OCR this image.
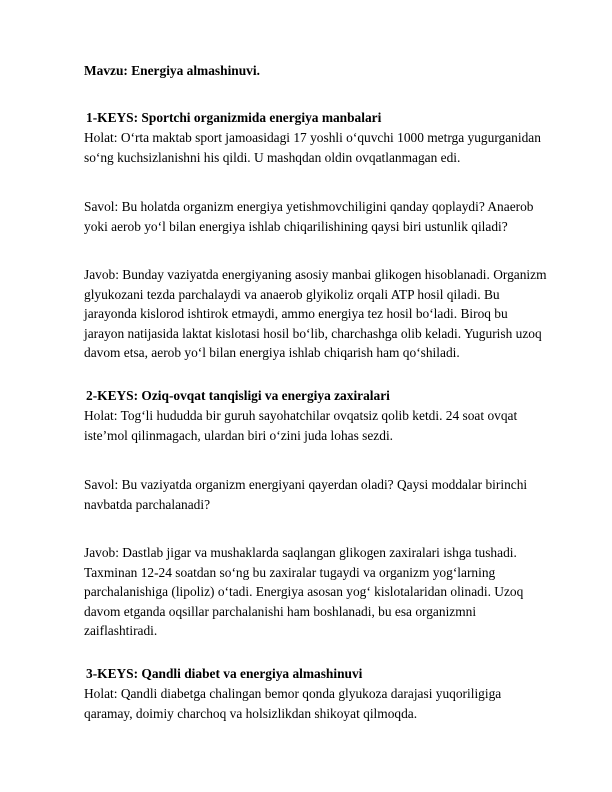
Mavzu: Energiya almashinuvi.
1-KEYS: Sportchi organizmida energiya manbalari
Holat: O‘rta maktab sport jamoasidagi 17 yoshli o‘quvchi 1000 metrga yugurganidan
so‘ng kuchsizlanishni his qildi. U mashqdan oldin ovqatlanmagan edi.
Savol: Bu holatda organizm energiya yetishmovchiligini qanday qoplaydi? Anaerob
yoki aerob yo‘l bilan energiya ishlab chiqarilishining qaysi biri ustunlik qiladi?
Javob: Bunday vaziyatda energiyaning asosiy manbai glikogen hisoblanadi. Organizm
glyukozani tezda parchalaydi va anaerob glyikoliz orqali ATP hosil qiladi. Bu
jarayonda kislorod ishtirok etmaydi, ammo energiya tez hosil bo‘ladi. Biroq bu
jarayon natijasida laktat kislotasi hosil bo‘lib, charchashga olib keladi. Yugurish uzoq
davom etsa, aerob yo‘l bilan energiya ishlab chiqarish ham qo‘shiladi.
2-KEYS: Oziq-ovqat tanqisligi va energiya zaxiralari
Holat: Tog‘li hududda bir guruh sayohatchilar ovqatsiz qolib ketdi. 24 soat ovqat
iste’mol qilinmagach, ulardan biri o‘zini juda lohas sezdi.
Savol: Bu vaziyatda organizm energiyani qayerdan oladi? Qaysi moddalar birinchi
navbatda parchalanadi?
Javob: Dastlab jigar va mushaklarda saqlangan glikogen zaxiralari ishga tushadi.
Taxminan 12-24 soatdan so‘ng bu zaxiralar tugaydi va organizm yog‘larning
parchalanishiga (lipoliz) o‘tadi. Energiya asosan yog‘ kislotalaridan olinadi. Uzoq
davom etganda oqsillar parchalanishi ham boshlanadi, bu esa organizmni
zaiflashtiradi.
3-KEYS: Qandli diabet va energiya almashinuvi
Holat: Qandli diabetga chalingan bemor qonda glyukoza darajasi yuqoriligiga
qaramay, doimiy charchoq va holsizlikdan shikoyat qilmoqda.
